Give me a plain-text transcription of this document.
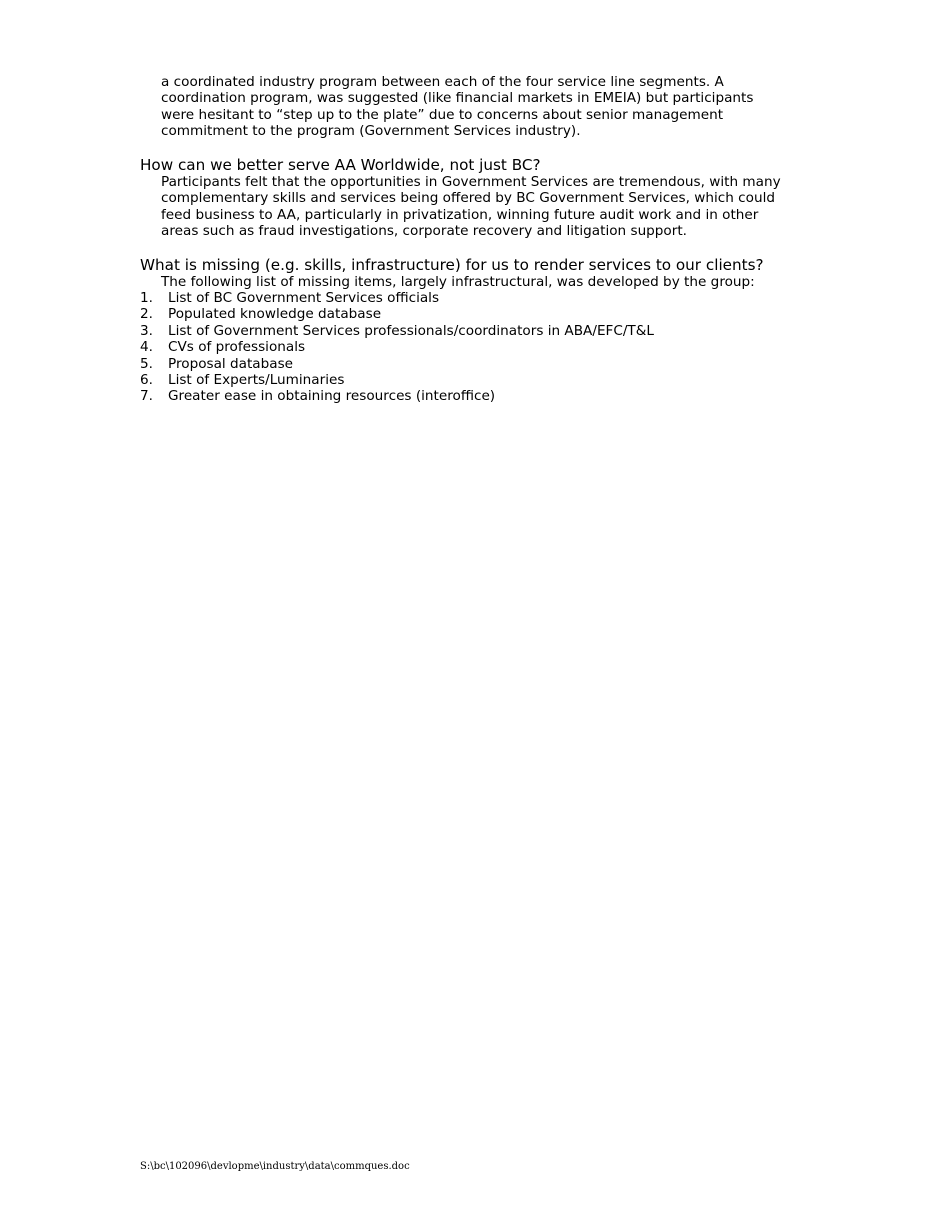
a coordinated industry program between each of the four service line segments. A
coordination program, was suggested (like financial markets in EMEIA) but participants
were hesitant to “step up to the plate” due to concerns about senior management
commitment to the program (Government Services industry).
How can we better serve AA Worldwide, not just BC?
Participants felt that the opportunities in Government Services are tremendous, with many
complementary skills and services being offered by BC Government Services, which could
feed business to AA, particularly in privatization, winning future audit work and in other
areas such as fraud investigations, corporate recovery and litigation support.
What is missing (e.g. skills, infrastructure) for us to render services to our clients?
The following list of missing items, largely infrastructural, was developed by the group:
1. List of BC Government Services officials
2. Populated knowledge database
3. List of Government Services professionals/coordinators in ABA/EFC/T&L
4. CVs of professionals
5. Proposal database
6. List of Experts/Luminaries
7. Greater ease in obtaining resources (interoffice)
S:\bc\102096\devlopme\industry\data\commques.doc
